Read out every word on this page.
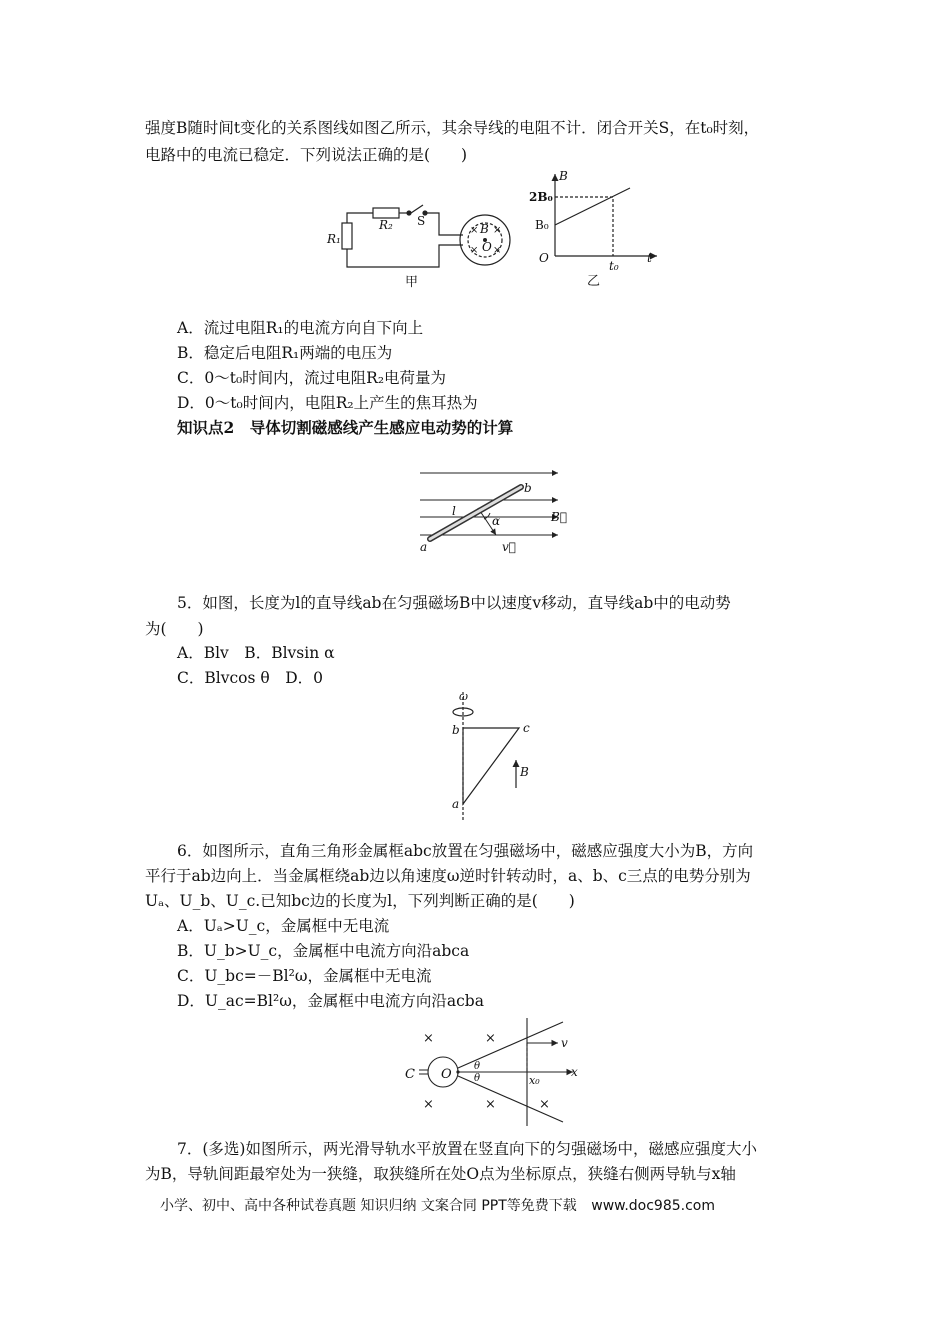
强度B随时间t变化的关系图线如图乙所示，其余导线的电阻不计．闭合开关S，在t₀时刻，
电路中的电流已稳定．下列说法正确的是(　　)
× ×
× ×
R₁
R₂ S
B
O
甲
B
2B₀
B₀
O
t₀
t
乙
A．流过电阻R₁的电流方向自下向上
B．稳定后电阻R₁两端的电压为
C．0～t₀时间内，流过电阻R₂电荷量为
D．0～t₀时间内，电阻R₂上产生的焦耳热为
知识点2　导体切割磁感线产生感应电动势的计算
b
l
α	B⃗
a	v⃗
5．如图，长度为l的直导线ab在匀强磁场B中以速度v移动，直导线ab中的电动势
为(　　)
A．Blv　B．Blvsin α
C．Blvcos θ　D．0
ω
b	c
B
a
6．如图所示，直角三角形金属框abc放置在匀强磁场中，磁感应强度大小为B，方向
平行于ab边向上．当金属框绕ab边以角速度ω逆时针转动时，a、b、c三点的电势分别为
Uₐ、U_b、U_c.已知bc边的长度为l，下列判断正确的是(　　)
A．Uₐ>U_c，金属框中无电流
B．U_b>U_c，金属框中电流方向沿abca
C．U_bc=－Bl²ω，金属框中无电流
D．U_ac=Bl²ω，金属框中电流方向沿acba
C O
θ
θ	x₀
v
x
×	×
×	×	×
7．(多选)如图所示，两光滑导轨水平放置在竖直向下的匀强磁场中，磁感应强度大小
为B，导轨间距最窄处为一狭缝，取狭缝所在处O点为坐标原点，狭缝右侧两导轨与x轴
小学、初中、高中各种试卷真题 知识归纳 文案合同 PPT等免费下载 www.doc985.com
